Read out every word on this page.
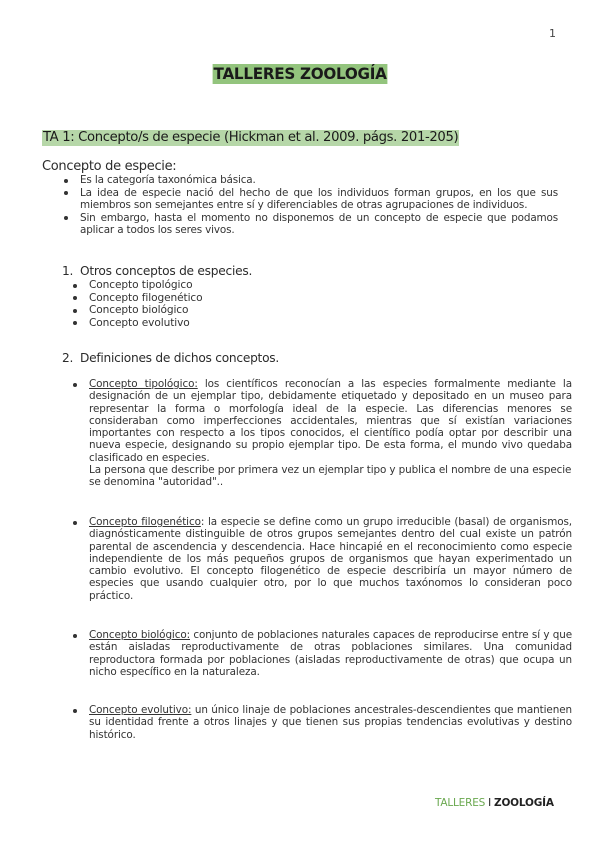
1
TALLERES ZOOLOGÍA
TA 1: Concepto/s de especie (Hickman et al. 2009. págs. 201-205)
Concepto de especie:
Es la categoría taxonómica básica.
La idea de especie nació del hecho de que los individuos forman grupos, en los que sus miembros son semejantes entre sí y diferenciables de otras agrupaciones de individuos.
Sin embargo, hasta el momento no disponemos de un concepto de especie que podamos aplicar a todos los seres vivos.
1. Otros conceptos de especies.
Concepto tipológico
Concepto filogenético
Concepto biológico
Concepto evolutivo
2. Definiciones de dichos conceptos.

Concepto tipológico: los científicos reconocían a las especies formalmente mediante la designación de un ejemplar tipo, debidamente etiquetado y depositado en un museo para representar la forma o morfología ideal de la especie. Las diferencias menores se consideraban como imperfecciones accidentales, mientras que sí existían variaciones importantes con respecto a los tipos conocidos, el científico podía optar por describir una nueva especie, designando su propio ejemplar tipo. De esta forma, el mundo vivo quedaba clasificado en especies.

La persona que describe por primera vez un ejemplar tipo y publica el nombre de una especie se denomina "autoridad"..

Concepto filogenético: la especie se define como un grupo irreducible (basal) de organismos, diagnósticamente distinguible de otros grupos semejantes dentro del cual existe un patrón parental de ascendencia y descendencia. Hace hincapié en el reconocimiento como especie independiente de los más pequeños grupos de organismos que hayan experimentado un cambio evolutivo. El concepto filogenético de especie describiría un mayor número de especies que usando cualquier otro, por lo que muchos taxónomos lo consideran poco práctico.

Concepto biológico: conjunto de poblaciones naturales capaces de reproducirse entre sí y que están aisladas reproductivamente de otras poblaciones similares. Una comunidad reproductora formada por poblaciones (aisladas reproductivamente de otras) que ocupa un nicho específico en la naturaleza.

Concepto evolutivo: un único linaje de poblaciones ancestrales-descendientes que mantienen su identidad frente a otros linajes y que tienen sus propias tendencias evolutivas y destino histórico.

TALLERES I ZOOLOGÍA
